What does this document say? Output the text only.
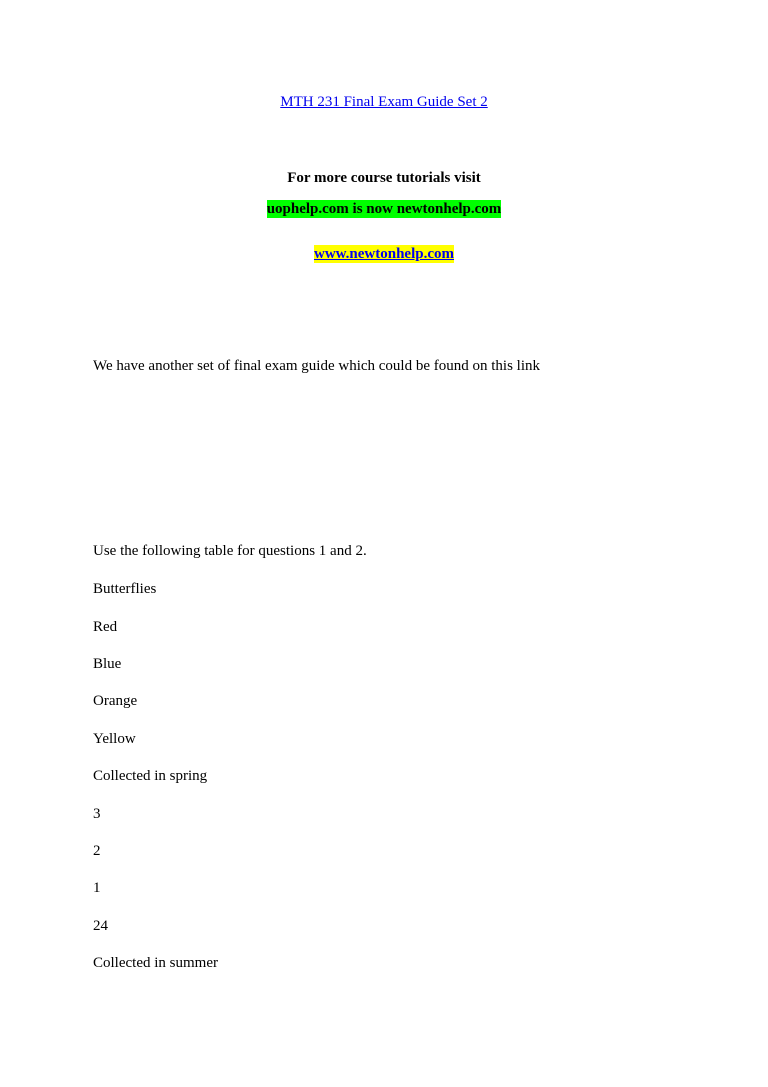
MTH 231 Final Exam Guide Set 2
For more course tutorials visit
uophelp.com is now newtonhelp.com
www.newtonhelp.com
We have another set of final exam guide which could be found on this link
Use the following table for questions 1 and 2.
Butterflies
Red
Blue
Orange
Yellow
Collected in spring
3
2
1
24
Collected in summer
